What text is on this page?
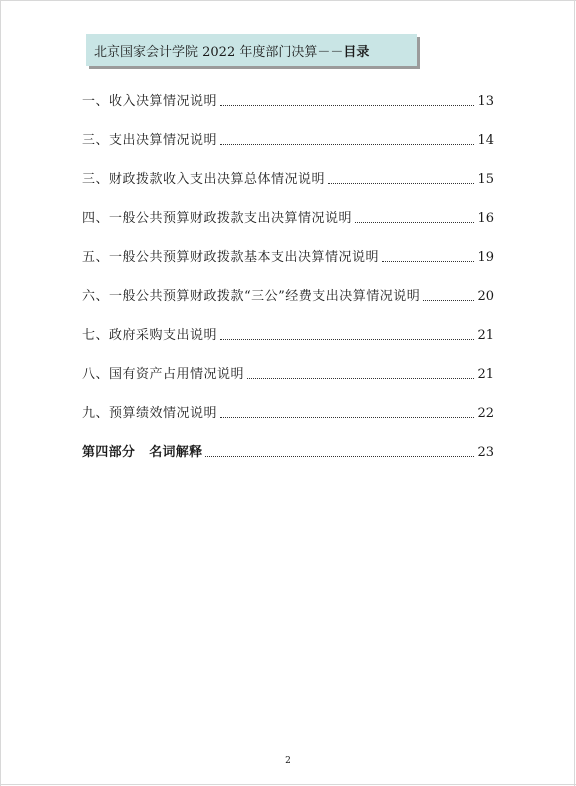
北京国家会计学院 2022 年度部门决算 －－ 目录
一、收入决算情况说明	13
三、支出决算情况说明	14
三、财政拨款收入支出决算总体情况说明	15
四、一般公共预算财政拨款支出决算情况说明	16
五、一般公共预算财政拨款基本支出决算情况说明	19
六、一般公共预算财政拨款“三公”经费支出决算情况说明	20
七、政府采购支出说明	21
八、国有资产占用情况说明	21
九、预算绩效情况说明	22
第四部分 名词解释	23
2
